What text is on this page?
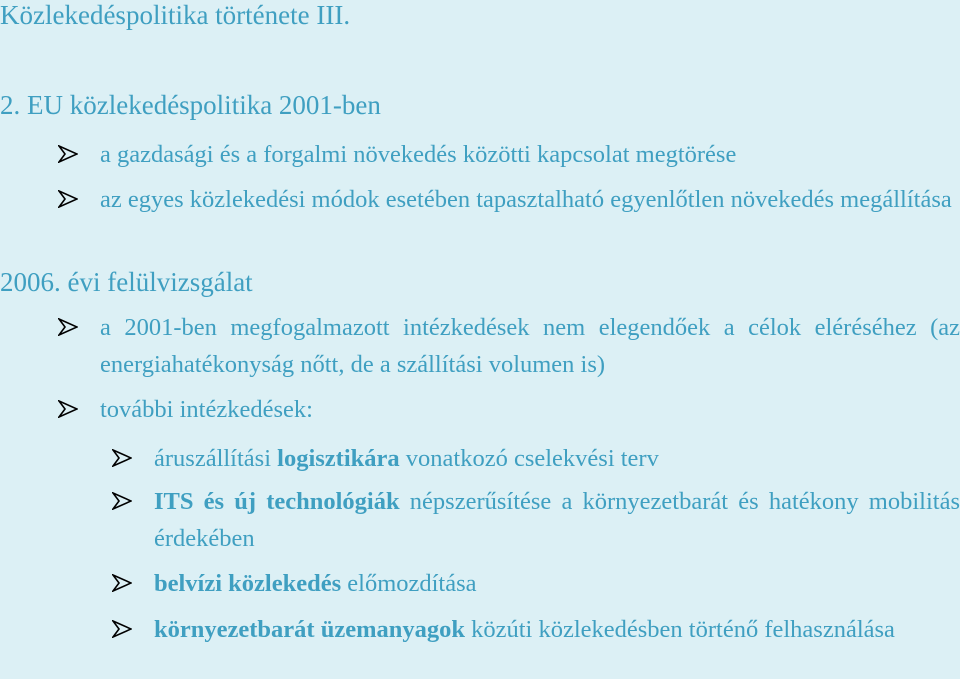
Közlekedéspolitika története III.
2. EU közlekedéspolitika 2001-ben
a gazdasági és a forgalmi növekedés közötti kapcsolat megtörése
az egyes közlekedési módok esetében tapasztalható egyenlőtlen növekedés megállítása
2006. évi felülvizsgálat
a 2001-ben megfogalmazott intézkedések nem elegendőek a célok eléréséhez (az energiahatékonyság nőtt, de a szállítási volumen is)
további intézkedések:
áruszállítási logisztikára vonatkozó cselekvési terv
ITS és új technológiák népszerűsítése a környezetbarát és hatékony mobilitás érdekében
belvízi közlekedés előmozdítása
környezetbarát üzemanyagok közúti közlekedésben történő felhasználása
